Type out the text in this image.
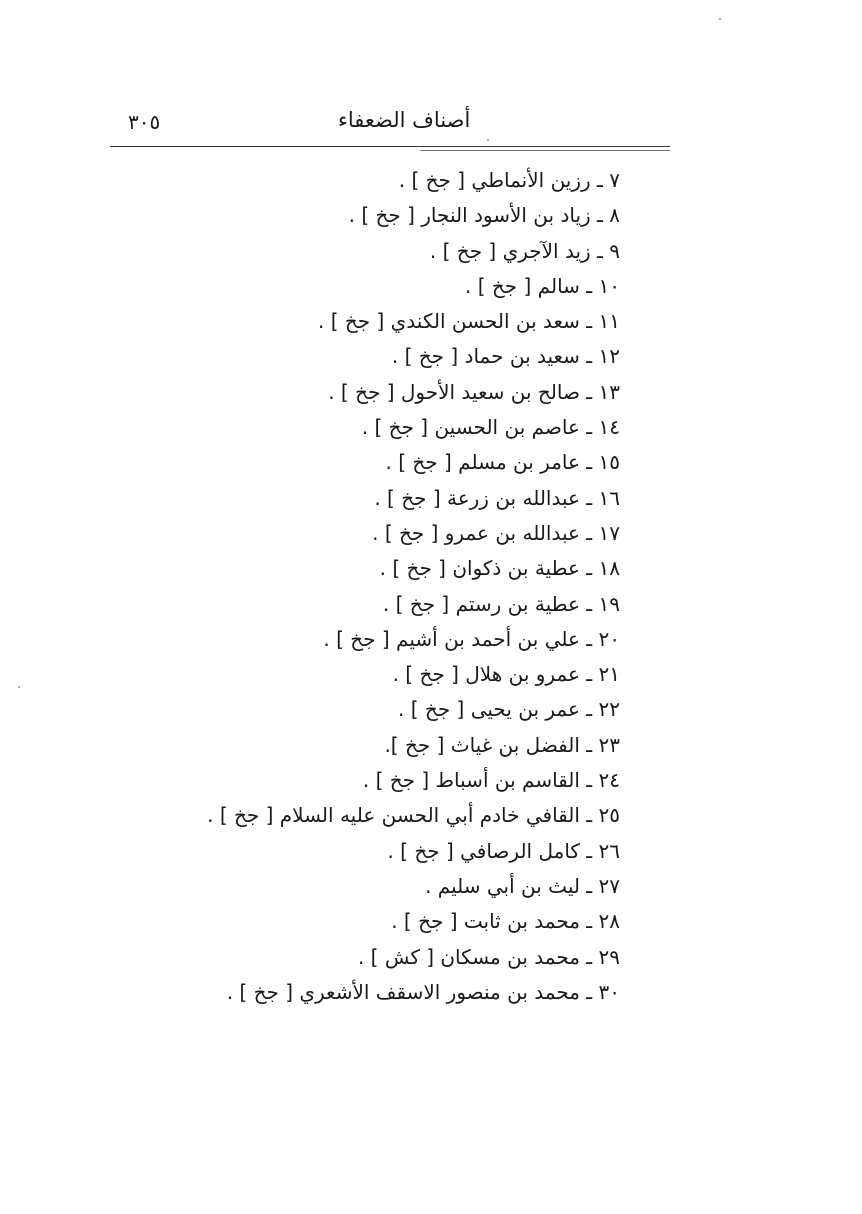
٣٠٥	أصناف الضعفاء
٧ ـ رزين الأنماطي [ جخ ] .
٨ ـ زياد بن الأسود النجار [ جخ ] .
٩ ـ زيد الآجري [ جخ ] .
١٠ ـ سالم [ جخ ] .
١١ ـ سعد بن الحسن الكندي [ جخ ] .
١٢ ـ سعيد بن حماد [ جخ ] .
١٣ ـ صالح بن سعيد الأحول [ جخ ] .
١٤ ـ عاصم بن الحسين [ جخ ] .
١٥ ـ عامر بن مسلم [ جخ ] .
١٦ ـ عبدالله بن زرعة [ جخ ] .
١٧ ـ عبدالله بن عمرو [ جخ ] .
١٨ ـ عطية بن ذكوان [ جخ ] .
١٩ ـ عطية بن رستم [ جخ ] .
٢٠ ـ علي بن أحمد بن أشيم [ جخ ] .
٢١ ـ عمرو بن هلال [ جخ ] .
٢٢ ـ عمر بن يحيى [ جخ ] .
٢٣ ـ الفضل بن غياث [ جخ ].
٢٤ ـ القاسم بن أسباط [ جخ ] .
٢٥ ـ القافي خادم أبي الحسن عليه السلام [ جخ ] .
٢٦ ـ كامل الرصافي [ جخ ] .
٢٧ ـ ليث بن أبي سليم .
٢٨ ـ محمد بن ثابت [ جخ ] .
٢٩ ـ محمد بن مسكان [ كش ] .
٣٠ ـ محمد بن منصور الاسقف الأشعري [ جخ ] .
